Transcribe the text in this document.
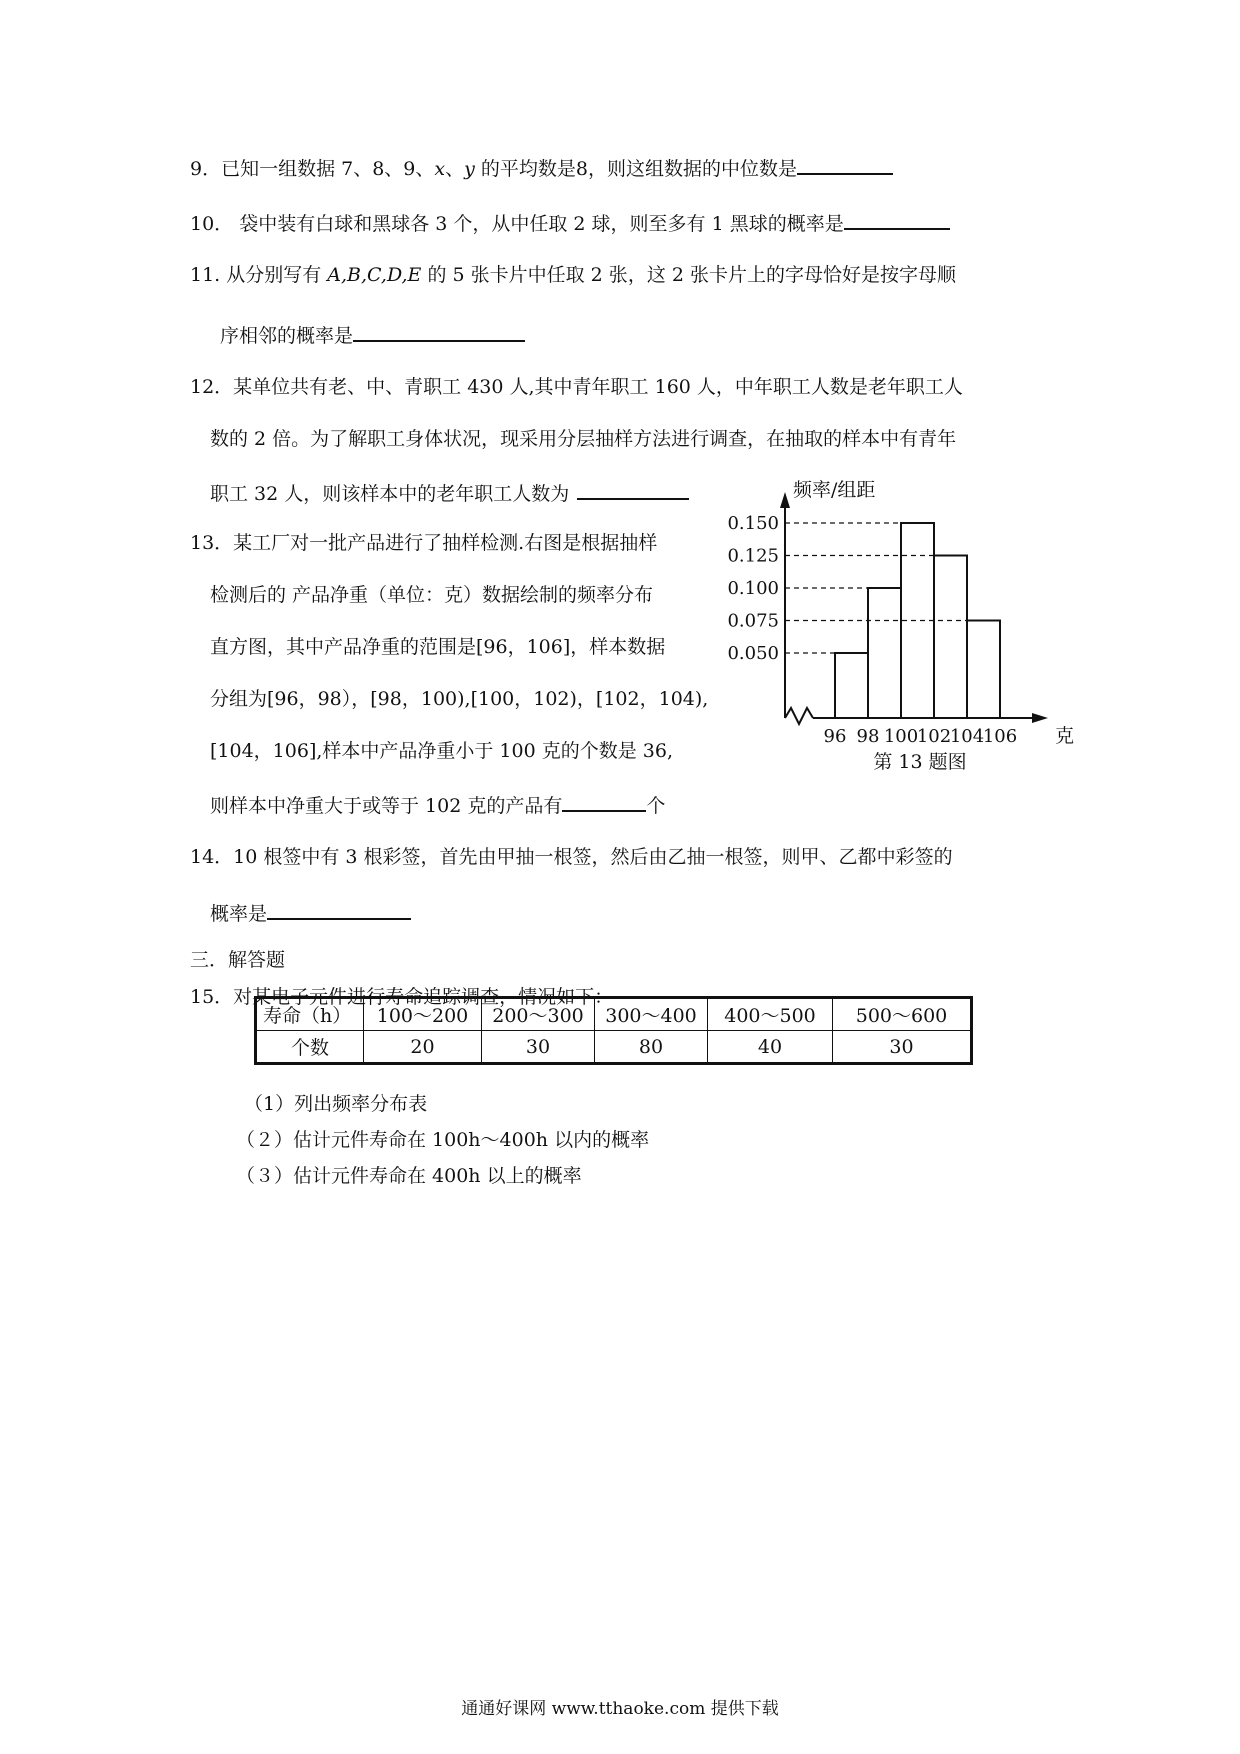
9．已知一组数据 7、8、9、x、y 的平均数是8，则这组数据的中位数是
10． 袋中装有白球和黑球各 3 个，从中任取 2 球，则至多有 1 黑球的概率是
11. 从分别写有 A,B,C,D,E 的 5 张卡片中任取 2 张，这 2 张卡片上的字母恰好是按字母顺
序相邻的概率是
12．某单位共有老、中、青职工 430 人,其中青年职工 160 人，中年职工人数是老年职工人
数的 2 倍。为了解职工身体状况，现采用分层抽样方法进行调查，在抽取的样本中有青年
职工 32 人，则该样本中的老年职工人数为
13．某工厂对一批产品进行了抽样检测.右图是根据抽样
检测后的 产品净重（单位：克）数据绘制的频率分布
直方图，其中产品净重的范围是[96，106]，样本数据
分组为[96，98），[98，100),[100，102)，[102，104),
[104，106],样本中产品净重小于 100 克的个数是 36,
则样本中净重大于或等于 102 克的产品有	个
0.150
0.125
0.100
0.075
0.050
96 98 100
102
104
106
频率/组距
克
第 13 题图
14．10 根签中有 3 根彩签，首先由甲抽一根签，然后由乙抽一根签，则甲、乙都中彩签的
概率是
三．解答题
15．对某电子元件进行寿命追踪调查，情况如下：
寿命（h）	100～200	200～300	300～400	400～500	500～600
个数	20	30	80	40	30
（1）列出频率分布表
（２）估计元件寿命在 100h～400h 以内的概率
（３）估计元件寿命在 400h 以上的概率
通通好课网 www.tthaoke.com 提供下载
